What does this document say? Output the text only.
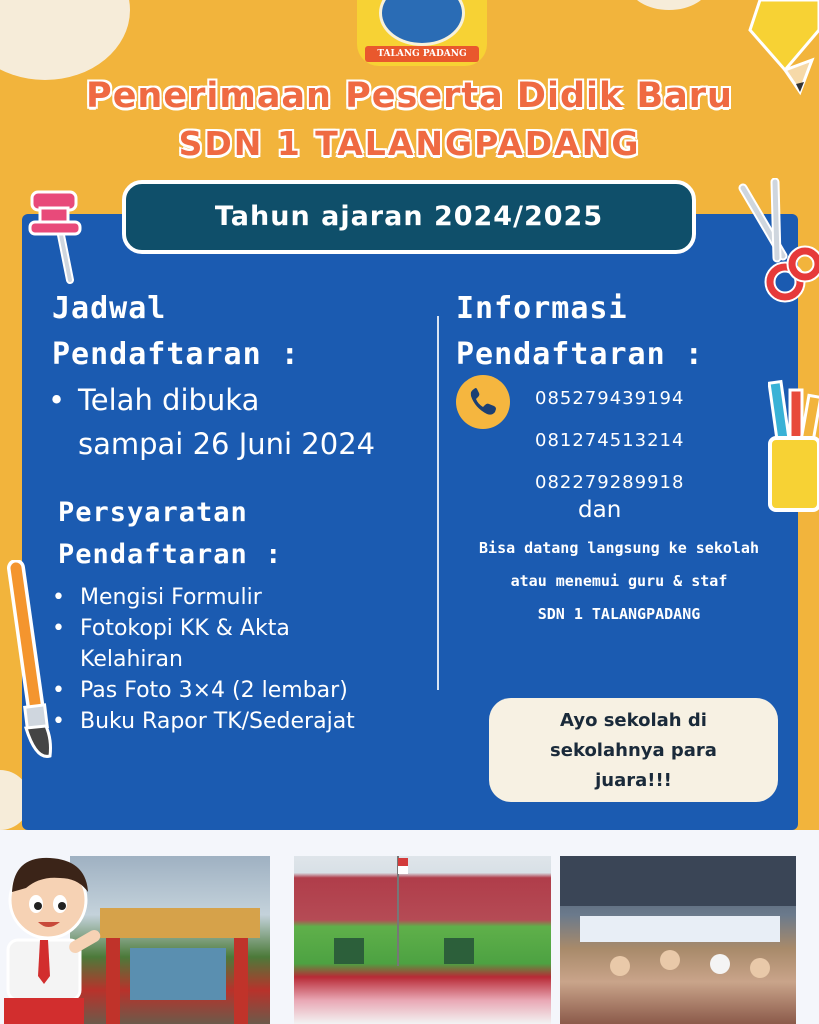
TALANG PADANG
Penerimaan Peserta Didik Baru
SDN 1 TALANGPADANG
Tahun ajaran 2024/2025
Jadwal
Pendaftaran :
• Telah dibuka
sampai 26 Juni 2024
Persyaratan
Pendaftaran :
• Mengisi Formulir
• Fotokopi KK & Akta
Kelahiran
• Pas Foto 3×4 (2 lembar)
• Buku Rapor TK/Sederajat
Informasi
Pendaftaran :
085279439194
081274513214
082279289918
dan
Bisa datang langsung ke sekolah
atau menemui guru & staf
SDN 1 TALANGPADANG
Ayo sekolah di
sekolahnya para
juara!!!
